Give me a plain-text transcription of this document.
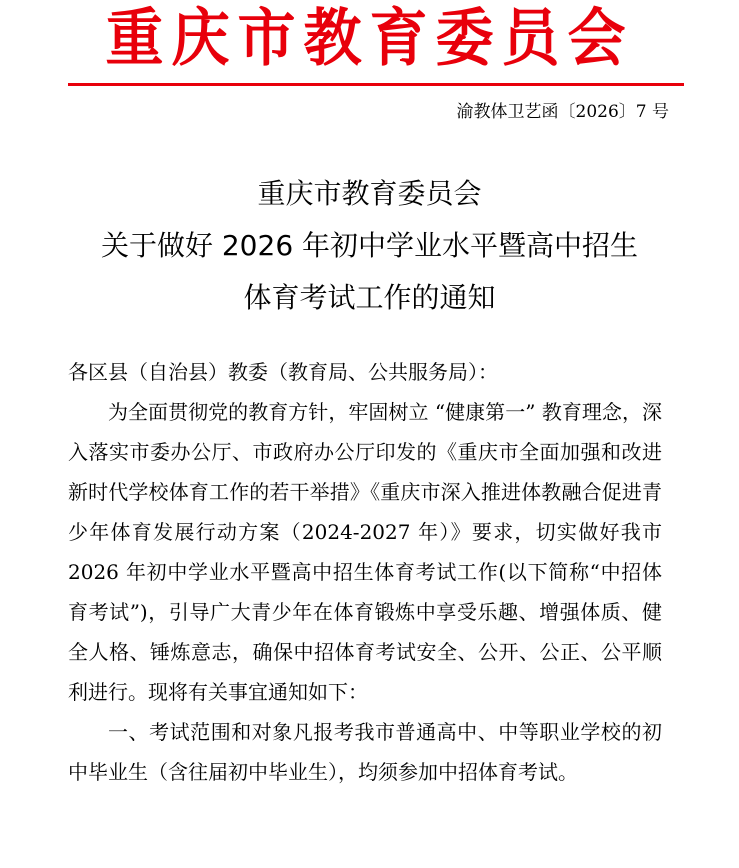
重庆市教育委员会
渝教体卫艺函〔2026〕7 号
重庆市教育委员会
关于做好 2026 年初中学业水平暨高中招生
体育考试工作的通知

各区县（自治县）教委（教育局、公共服务局）：

为全面贯彻党的教育方针，牢固树立 “健康第一” 教育理念，深入落实市委办公厅、市政府办公厅印发的《重庆市全面加强和改进新时代学校体育工作的若干举措》《重庆市深入推进体教融合促进青少年体育发展行动方案（2024-2027 年）》要求，切实做好我市 2026 年初中学业水平暨高中招生体育考试工作(以下简称“中招体育考试”)，引导广大青少年在体育锻炼中享受乐趣、增强体质、健全人格、锤炼意志，确保中招体育考试安全、公开、公正、公平顺利进行。现将有关事宜通知如下：

一、考试范围和对象凡报考我市普通高中、中等职业学校的初中毕业生（含往届初中毕业生），均须参加中招体育考试。
